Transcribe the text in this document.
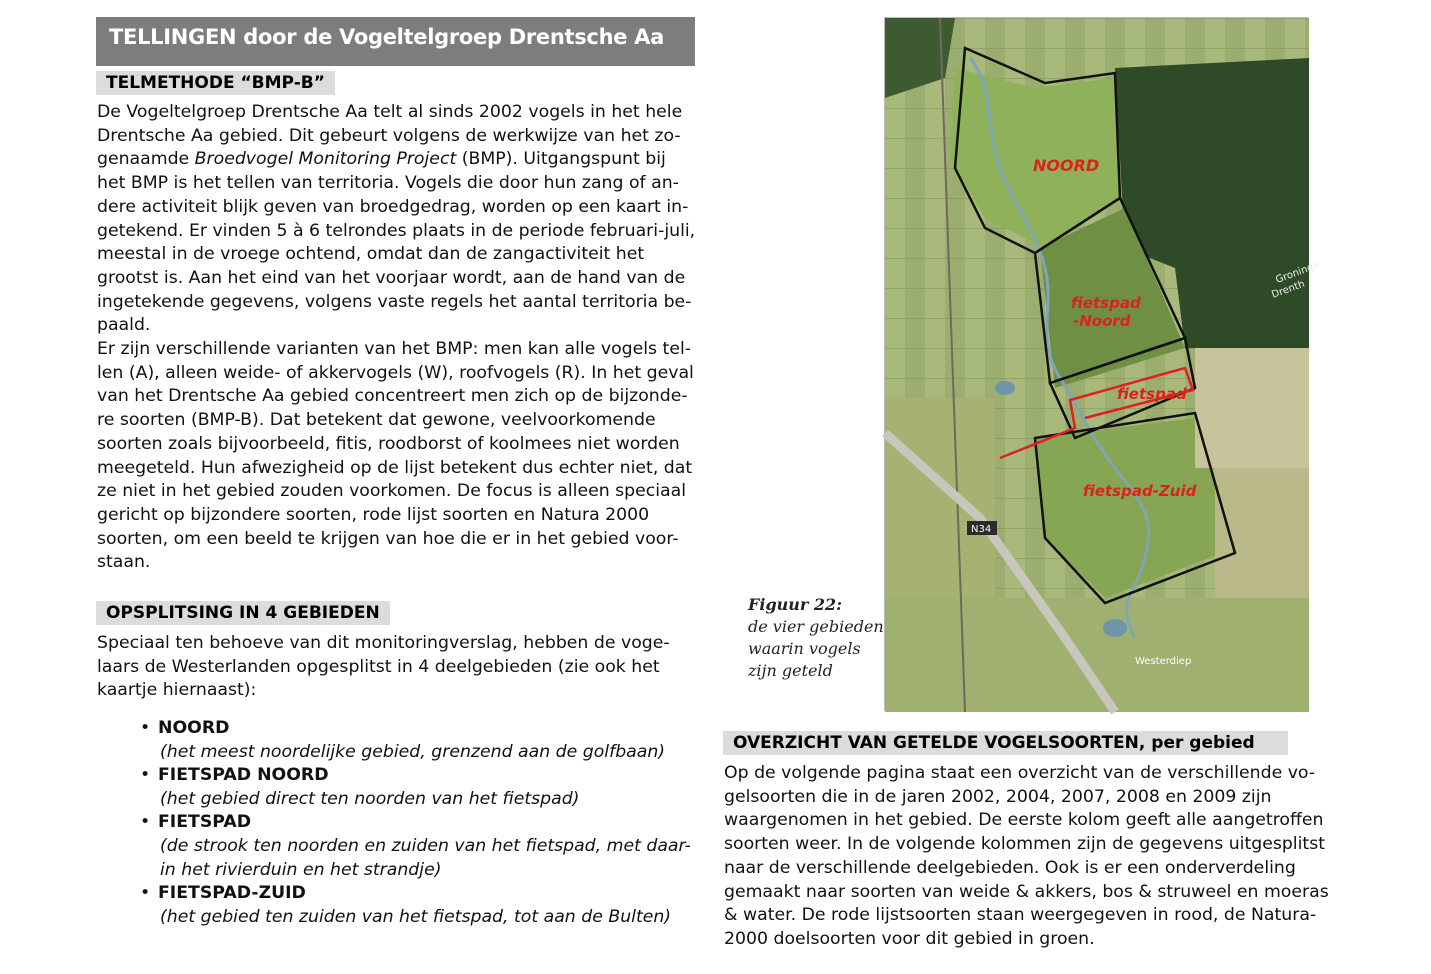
TELLINGEN door de Vogeltelgroep Drentsche Aa
TELMETHODE “BMP-B”
De Vogeltelgroep Drentsche Aa telt al sinds 2002 vogels in het hele
Drentsche Aa gebied. Dit gebeurt volgens de werkwijze van het zo-
genaamde Broedvogel Monitoring Project (BMP). Uitgangspunt bij
het BMP is het tellen van territoria. Vogels die door hun zang of an-
dere activiteit blijk geven van broedgedrag, worden op een kaart in-
getekend. Er vinden 5 à 6 telrondes plaats in de periode februari-juli,
meestal in de vroege ochtend, omdat dan de zangactiviteit het
grootst is. Aan het eind van het voorjaar wordt, aan de hand van de
ingetekende gegevens, volgens vaste regels het aantal territoria be-
paald.
Er zijn verschillende varianten van het BMP: men kan alle vogels tel-
len (A), alleen weide- of akkervogels (W), roofvogels (R). In het geval
van het Drentsche Aa gebied concentreert men zich op de bijzonde-
re soorten (BMP-B). Dat betekent dat gewone, veelvoorkomende
soorten zoals bijvoorbeeld, fitis, roodborst of koolmees niet worden
meegeteld. Hun afwezigheid op de lijst betekent dus echter niet, dat
ze niet in het gebied zouden voorkomen. De focus is alleen speciaal
gericht op bijzondere soorten, rode lijst soorten en Natura 2000
soorten, om een beeld te krijgen van hoe die er in het gebied voor-
staan.
OPSPLITSING IN 4 GEBIEDEN
Speciaal ten behoeve van dit monitoringverslag, hebben de voge-
laars de Westerlanden opgesplitst in 4 deelgebieden (zie ook het
kaartje hiernaast):
• NOORD
(het meest noordelijke gebied, grenzend aan de golfbaan)
• FIETSPAD NOORD
(het gebied direct ten noorden van het fietspad)
• FIETSPAD
(de strook ten noorden en zuiden van het fietspad, met daar-
in het rivierduin en het strandje)
• FIETSPAD-ZUID
(het gebied ten zuiden van het fietspad, tot aan de Bulten)
Figuur 22:
de vier gebieden
waarin vogels
zijn geteld
N34
NOORD
fietspad
-Noord
fietspad
fietspad-Zuid
Groninge
Drenth
Westerdiep
OVERZICHT VAN GETELDE VOGELSOORTEN, per gebied
Op de volgende pagina staat een overzicht van de verschillende vo-
gelsoorten die in de jaren 2002, 2004, 2007, 2008 en 2009 zijn
waargenomen in het gebied. De eerste kolom geeft alle aangetroffen
soorten weer. In de volgende kolommen zijn de gegevens uitgesplitst
naar de verschillende deelgebieden. Ook is er een onderverdeling
gemaakt naar soorten van weide & akkers, bos & struweel en moeras
& water. De rode lijstsoorten staan weergegeven in rood, de Natura-
2000 doelsoorten voor dit gebied in groen.
